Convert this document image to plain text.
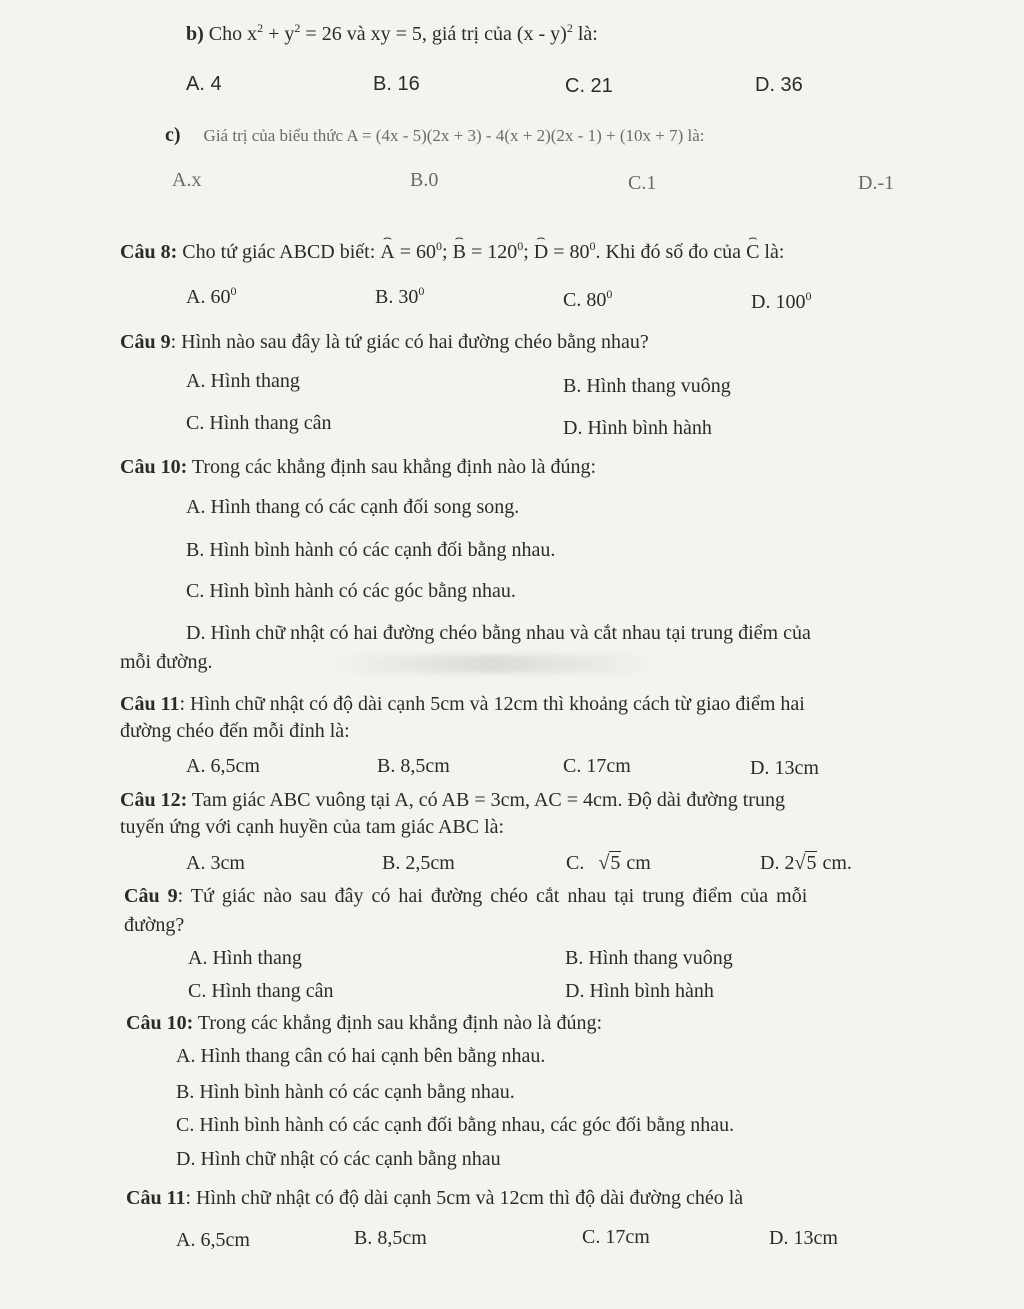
b) Cho $x^2 + y^2 = 26$ và xy = 5, giá trị của (x - y)$^2$ là:
A. 4	B. 16	C. 21	D. 36
c) Giá trị của biểu thức A = (4x - 5)(2x + 3) - 4(x + 2)(2x - 1) + (10x + 7) là:
A.x	B.0	C.1	D.-1
Câu 8: Cho tứ giác ABCD biết: ⌢ $A = 60^0$; ⌢ $B = 120^0$; ⌢ $D = 80^0$. Khi đó số đo của ⌢ C là:
A. $60^0$	B. $30^0$	C. $80^0$	D. $100^0$
Câu 9: Hình nào sau đây là tứ giác có hai đường chéo bằng nhau?
A. Hình thang	B. Hình thang vuông
C. Hình thang cân	D. Hình bình hành
Câu 10: Trong các khẳng định sau khẳng định nào là đúng:
A. Hình thang có các cạnh đối song song.
B. Hình bình hành có các cạnh đối bằng nhau.
C. Hình bình hành có các góc bằng nhau.
D. Hình chữ nhật có hai đường chéo bằng nhau và cắt nhau tại trung điểm của
mỗi đường.
Câu 11: Hình chữ nhật có độ dài cạnh 5cm và 12cm thì khoảng cách từ giao điểm hai
đường chéo đến mỗi đỉnh là:
A. 6,5cm	B. 8,5cm	C. 17cm	D. 13cm
Câu 12: Tam giác ABC vuông tại A, có AB = 3cm, AC = 4cm. Độ dài đường trung
tuyến ứng với cạnh huyền của tam giác ABC là:
A. 3cm	B. 2,5cm	C. √5 cm	D. 2√5 cm.
Câu 9: Tứ giác nào sau đây có hai đường chéo cắt nhau tại trung điểm của mỗi
đường?
A. Hình thang	B. Hình thang vuông
C. Hình thang cân	D. Hình bình hành
Câu 10: Trong các khẳng định sau khẳng định nào là đúng:
A. Hình thang cân có hai cạnh bên bằng nhau.
B. Hình bình hành có các cạnh bằng nhau.
C. Hình bình hành có các cạnh đối bằng nhau, các góc đối bằng nhau.
D. Hình chữ nhật có các cạnh bằng nhau
Câu 11: Hình chữ nhật có độ dài cạnh 5cm và 12cm thì độ dài đường chéo là
A. 6,5cm	B. 8,5cm	C. 17cm	D. 13cm
